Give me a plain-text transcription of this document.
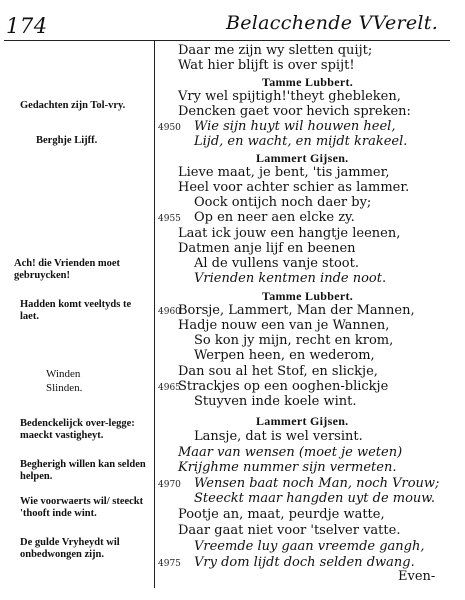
174	Belacchende VVerelt.
Daar me zijn wy sletten quijt;
Wat hier blijft is over spijt!
Tamme Lubbert.
Vry wel spijtigh!'theyt ghebleken,
Dencken gaet voor hevich spreken:
Wie sijn huyt wil houwen heel,
Lijd, en wacht, en mijdt krakeel.
Lammert Gijsen.
Lieve maat, je bent, 'tis jammer,
Heel voor achter schier as lammer.
Oock ontijch noch daer by;
Op en neer aen elcke zy.
Laat ick jouw een hangtje leenen,
Datmen anje lijf en beenen
Al de vullens vanje stoot.
Vrienden kentmen inde noot.
Tamme Lubbert.
Borsje, Lammert, Man der Mannen,
Hadje nouw een van je Wannen,
So kon jy mijn, recht en krom,
Werpen heen, en wederom,
Dan sou al het Stof, en slickje,
Strackjes op een ooghen-blickje
Stuyven inde koele wint.
Lammert Gijsen.
Lansje, dat is wel versint.
Maar van wensen (moet je weten)
Krijghme nummer sijn vermeten.
Wensen baat noch Man, noch Vrouw;
Steeckt maar hangden uyt de mouw.
Pootje an, maat, peurdje watte,
Daar gaat niet voor 'tselver vatte.
Vreemde luy gaan vreemde gangh,
Vry dom lijdt doch selden dwang.
4950
4955
4960
4965
4970
4975
Gedachten zijn Tol-vry.
Berghje Lijff.
Ach! die Vrienden moet gebruycken!
Hadden komt veeltyds te laet.
Winden
Slinden.
Bedenckelijck over-legge: maeckt vastigheyt.
Begherigh willen kan selden helpen.
Wie voorwaerts wil/ steeckt 'thooft inde wint.
De gulde Vryheydt wil onbedwongen zijn.
Even-
